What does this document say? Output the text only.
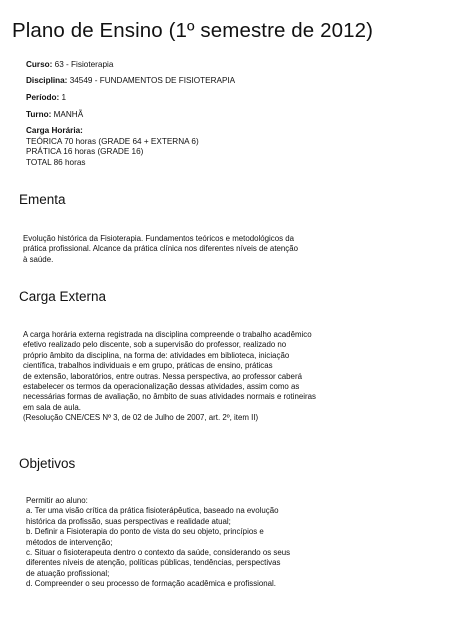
Plano de Ensino (1º semestre de 2012)
Curso: 63 - Fisioterapia
Disciplina: 34549 - FUNDAMENTOS DE FISIOTERAPIA
Período: 1
Turno: MANHÃ
Carga Horária:
TEÓRICA 70 horas (GRADE 64 + EXTERNA 6)
PRÁTICA 16 horas (GRADE 16)
TOTAL 86 horas
Ementa
Evolução histórica da Fisioterapia. Fundamentos teóricos e metodológicos da
prática profissional. Alcance da prática clínica nos diferentes níveis de atenção
à saúde.
Carga Externa
A carga horária externa registrada na disciplina compreende o trabalho acadêmico
efetivo realizado pelo discente, sob a supervisão do professor, realizado no
próprio âmbito da disciplina, na forma de: atividades em biblioteca, iniciação
científica, trabalhos individuais e em grupo, práticas de ensino, práticas
de extensão, laboratórios, entre outras. Nessa perspectiva, ao professor caberá
estabelecer os termos da operacionalização dessas atividades, assim como as
necessárias formas de avaliação, no âmbito de suas atividades normais e rotineiras
em sala de aula.
(Resolução CNE/CES Nº 3, de 02 de Julho de 2007, art. 2º, item II)
Objetivos
Permitir ao aluno:
a. Ter uma visão crítica da prática fisioterápêutica, baseado na evolução
histórica da profissão, suas perspectivas e realidade atual;
b. Definir a Fisioterapia do ponto de vista do seu objeto, princípios e
métodos de intervenção;
c. Situar o fisioterapeuta dentro o contexto da saúde, considerando os seus
diferentes níveis de atenção, políticas públicas, tendências, perspectivas
de atuação profissional;
d. Compreender o seu processo de formação acadêmica e profissional.
